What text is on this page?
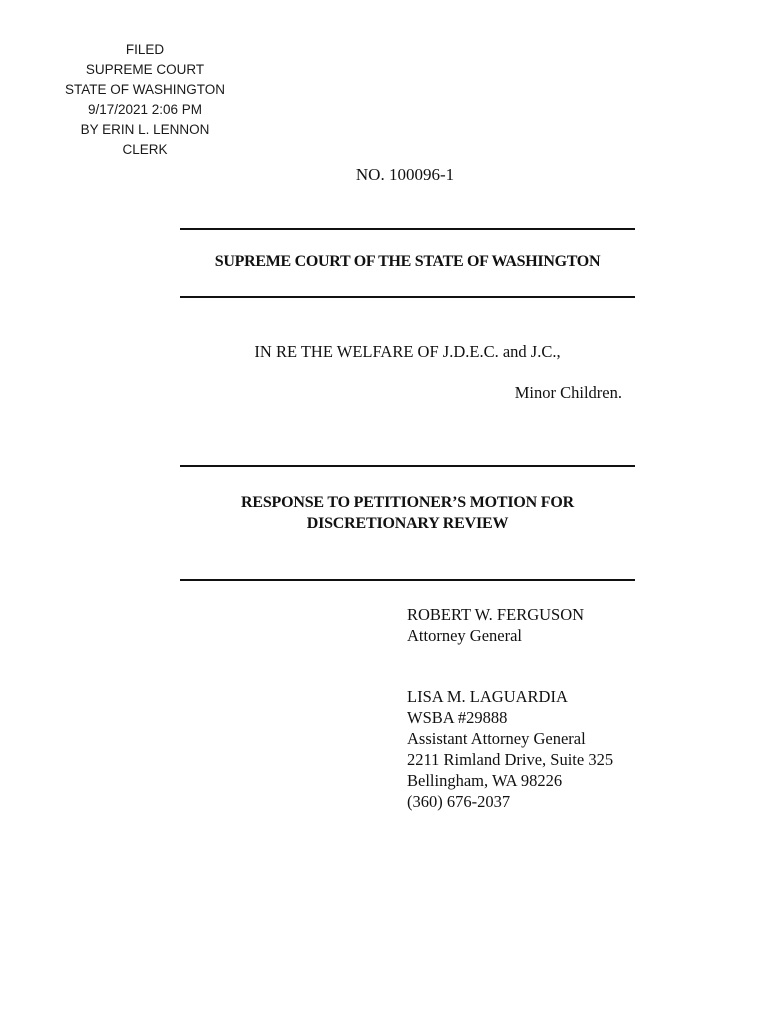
FILED
SUPREME COURT
STATE OF WASHINGTON
9/17/2021 2:06 PM
BY ERIN L. LENNON
CLERK
NO. 100096-1
SUPREME COURT OF THE STATE OF WASHINGTON
IN RE THE WELFARE OF J.D.E.C. and J.C.,
Minor Children.
RESPONSE TO PETITIONER’S MOTION FOR
DISCRETIONARY REVIEW
ROBERT W. FERGUSON
Attorney General
LISA M. LAGUARDIA
WSBA #29888
Assistant Attorney General
2211 Rimland Drive, Suite 325
Bellingham, WA 98226
(360) 676-2037
